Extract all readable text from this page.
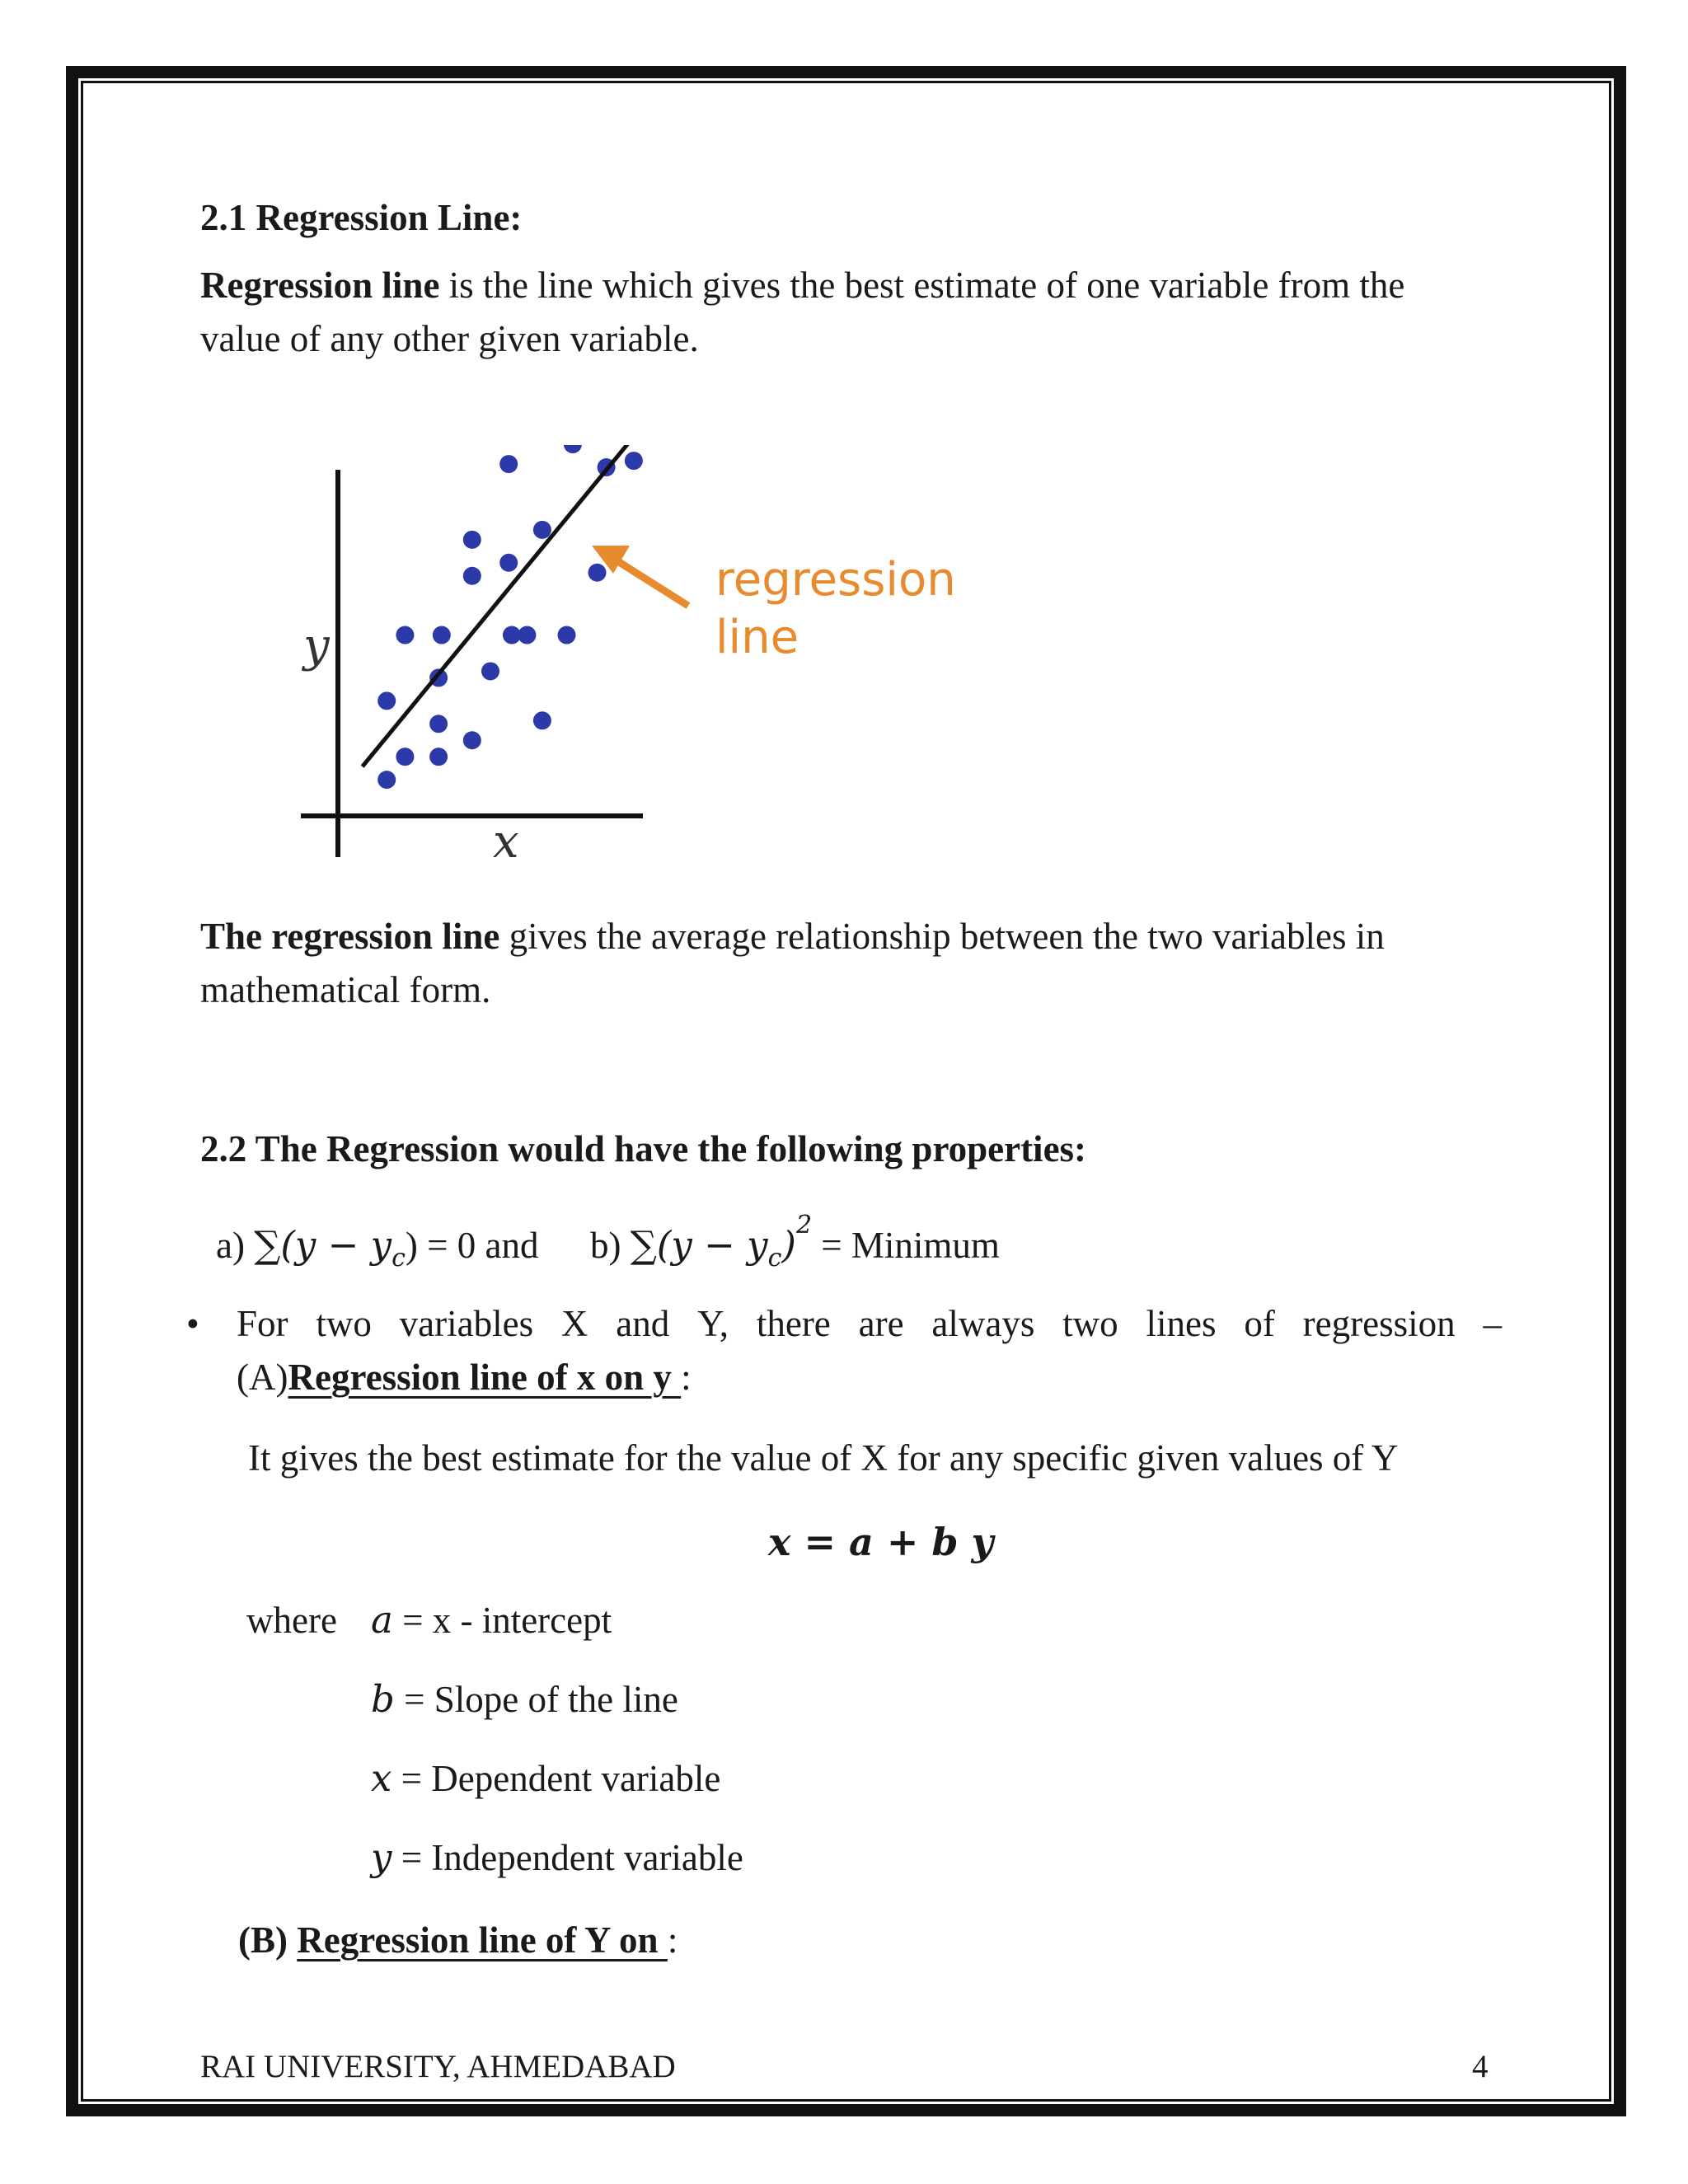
2.1 Regression Line:
Regression line is the line which gives the best estimate of one variable from the
value of any other given variable.
y
x
regression
line
The regression line gives the average relationship between the two variables in
mathematical form.
2.2 The Regression would have the following properties:
a) $\sum(y - y_c) = 0$ and b) $\sum(y - y_c)^2$ = Minimum
• For two variables X and Y, there are always two lines of regression –
(A)Regression line of x on y :
It gives the best estimate for the value of X for any specific given values of Y
x = a + b y
where a = x - intercept
b = Slope of the line
x = Dependent variable
y = Independent variable
(B) Regression line of Y on :
RAI UNIVERSITY, AHMEDABAD	4
